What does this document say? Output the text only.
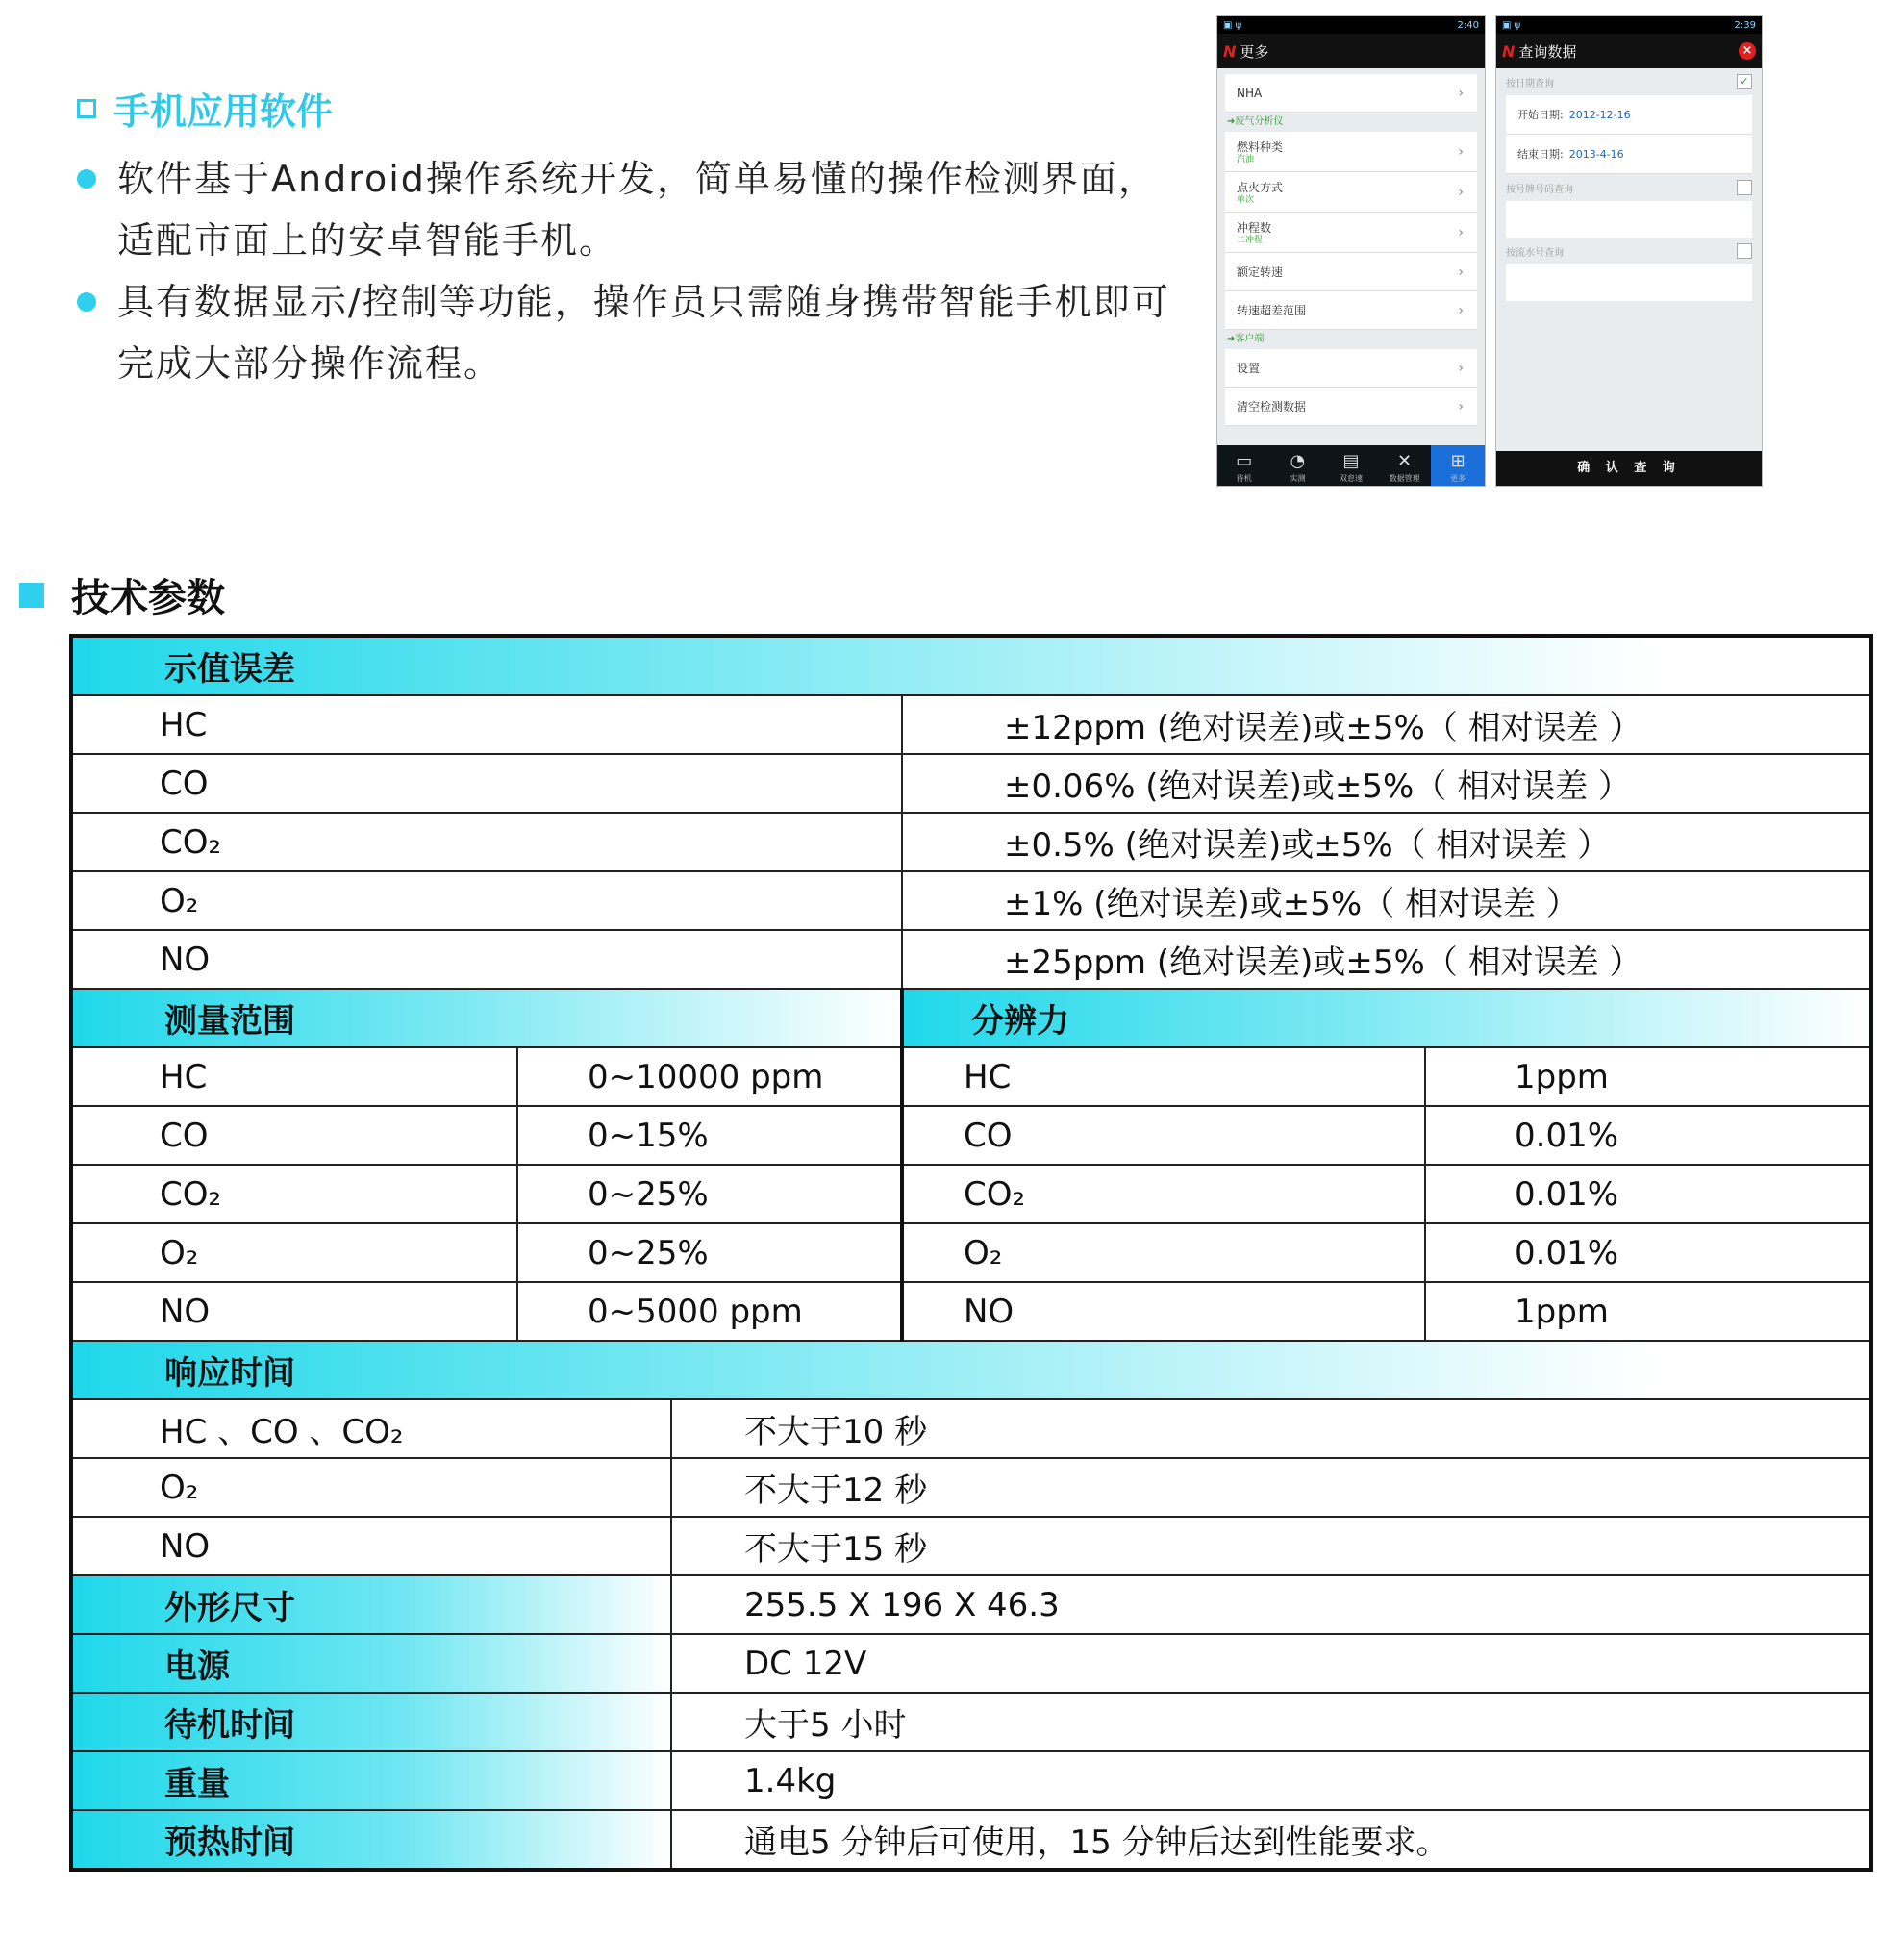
手机应用软件
软件基于Android操作系统开发，简单易懂的操作检测界面，适配市面上的安卓智能手机。
具有数据显示/控制等功能，操作员只需随身携带智能手机即可完成大部分操作流程。
▣ ψ	2:40
N 更多
NHA	›
➜废气分析仪
燃料种类
汽油
›
点火方式
单次
›
冲程数
二冲程
›
额定转速	›
转速超差范围	›
➜客户端
设置	›
清空检测数据	›
▭
待机
◔
实测
▤
双怠速
✕
数据管理
⊞
更多
▣ ψ	2:39
N 查询数据	×
按日期查询	✓
开始日期: 2012-12-16
结束日期: 2013-4-16
按号牌号码查询
按流水号查询
确 认 查 询
技术参数
示值误差				
HC			±12ppm (绝对误差)或±5%（ 相对误差 ）	
CO			±0.06% (绝对误差)或±5%（ 相对误差 ）	
CO₂			±0.5% (绝对误差)或±5%（ 相对误差 ）	
O₂			±1% (绝对误差)或±5%（ 相对误差 ）	
NO			±25ppm (绝对误差)或±5%（ 相对误差 ）	
测量范围			分辨力	
HC	0~10000 ppm		HC	1ppm
CO	0~15%		CO	0.01%
CO₂	0~25%		CO₂	0.01%
O₂	0~25%		O₂	0.01%
NO	0~5000 ppm		NO	1ppm
响应时间				
HC 、CO 、CO₂		不大于10 秒		
O₂		不大于12 秒		
NO		不大于15 秒		
外形尺寸		255.5 X 196 X 46.3		
电源		DC 12V		
待机时间		大于5 小时		
重量		1.4kg		
预热时间		通电5 分钟后可使用，15 分钟后达到性能要求。		
